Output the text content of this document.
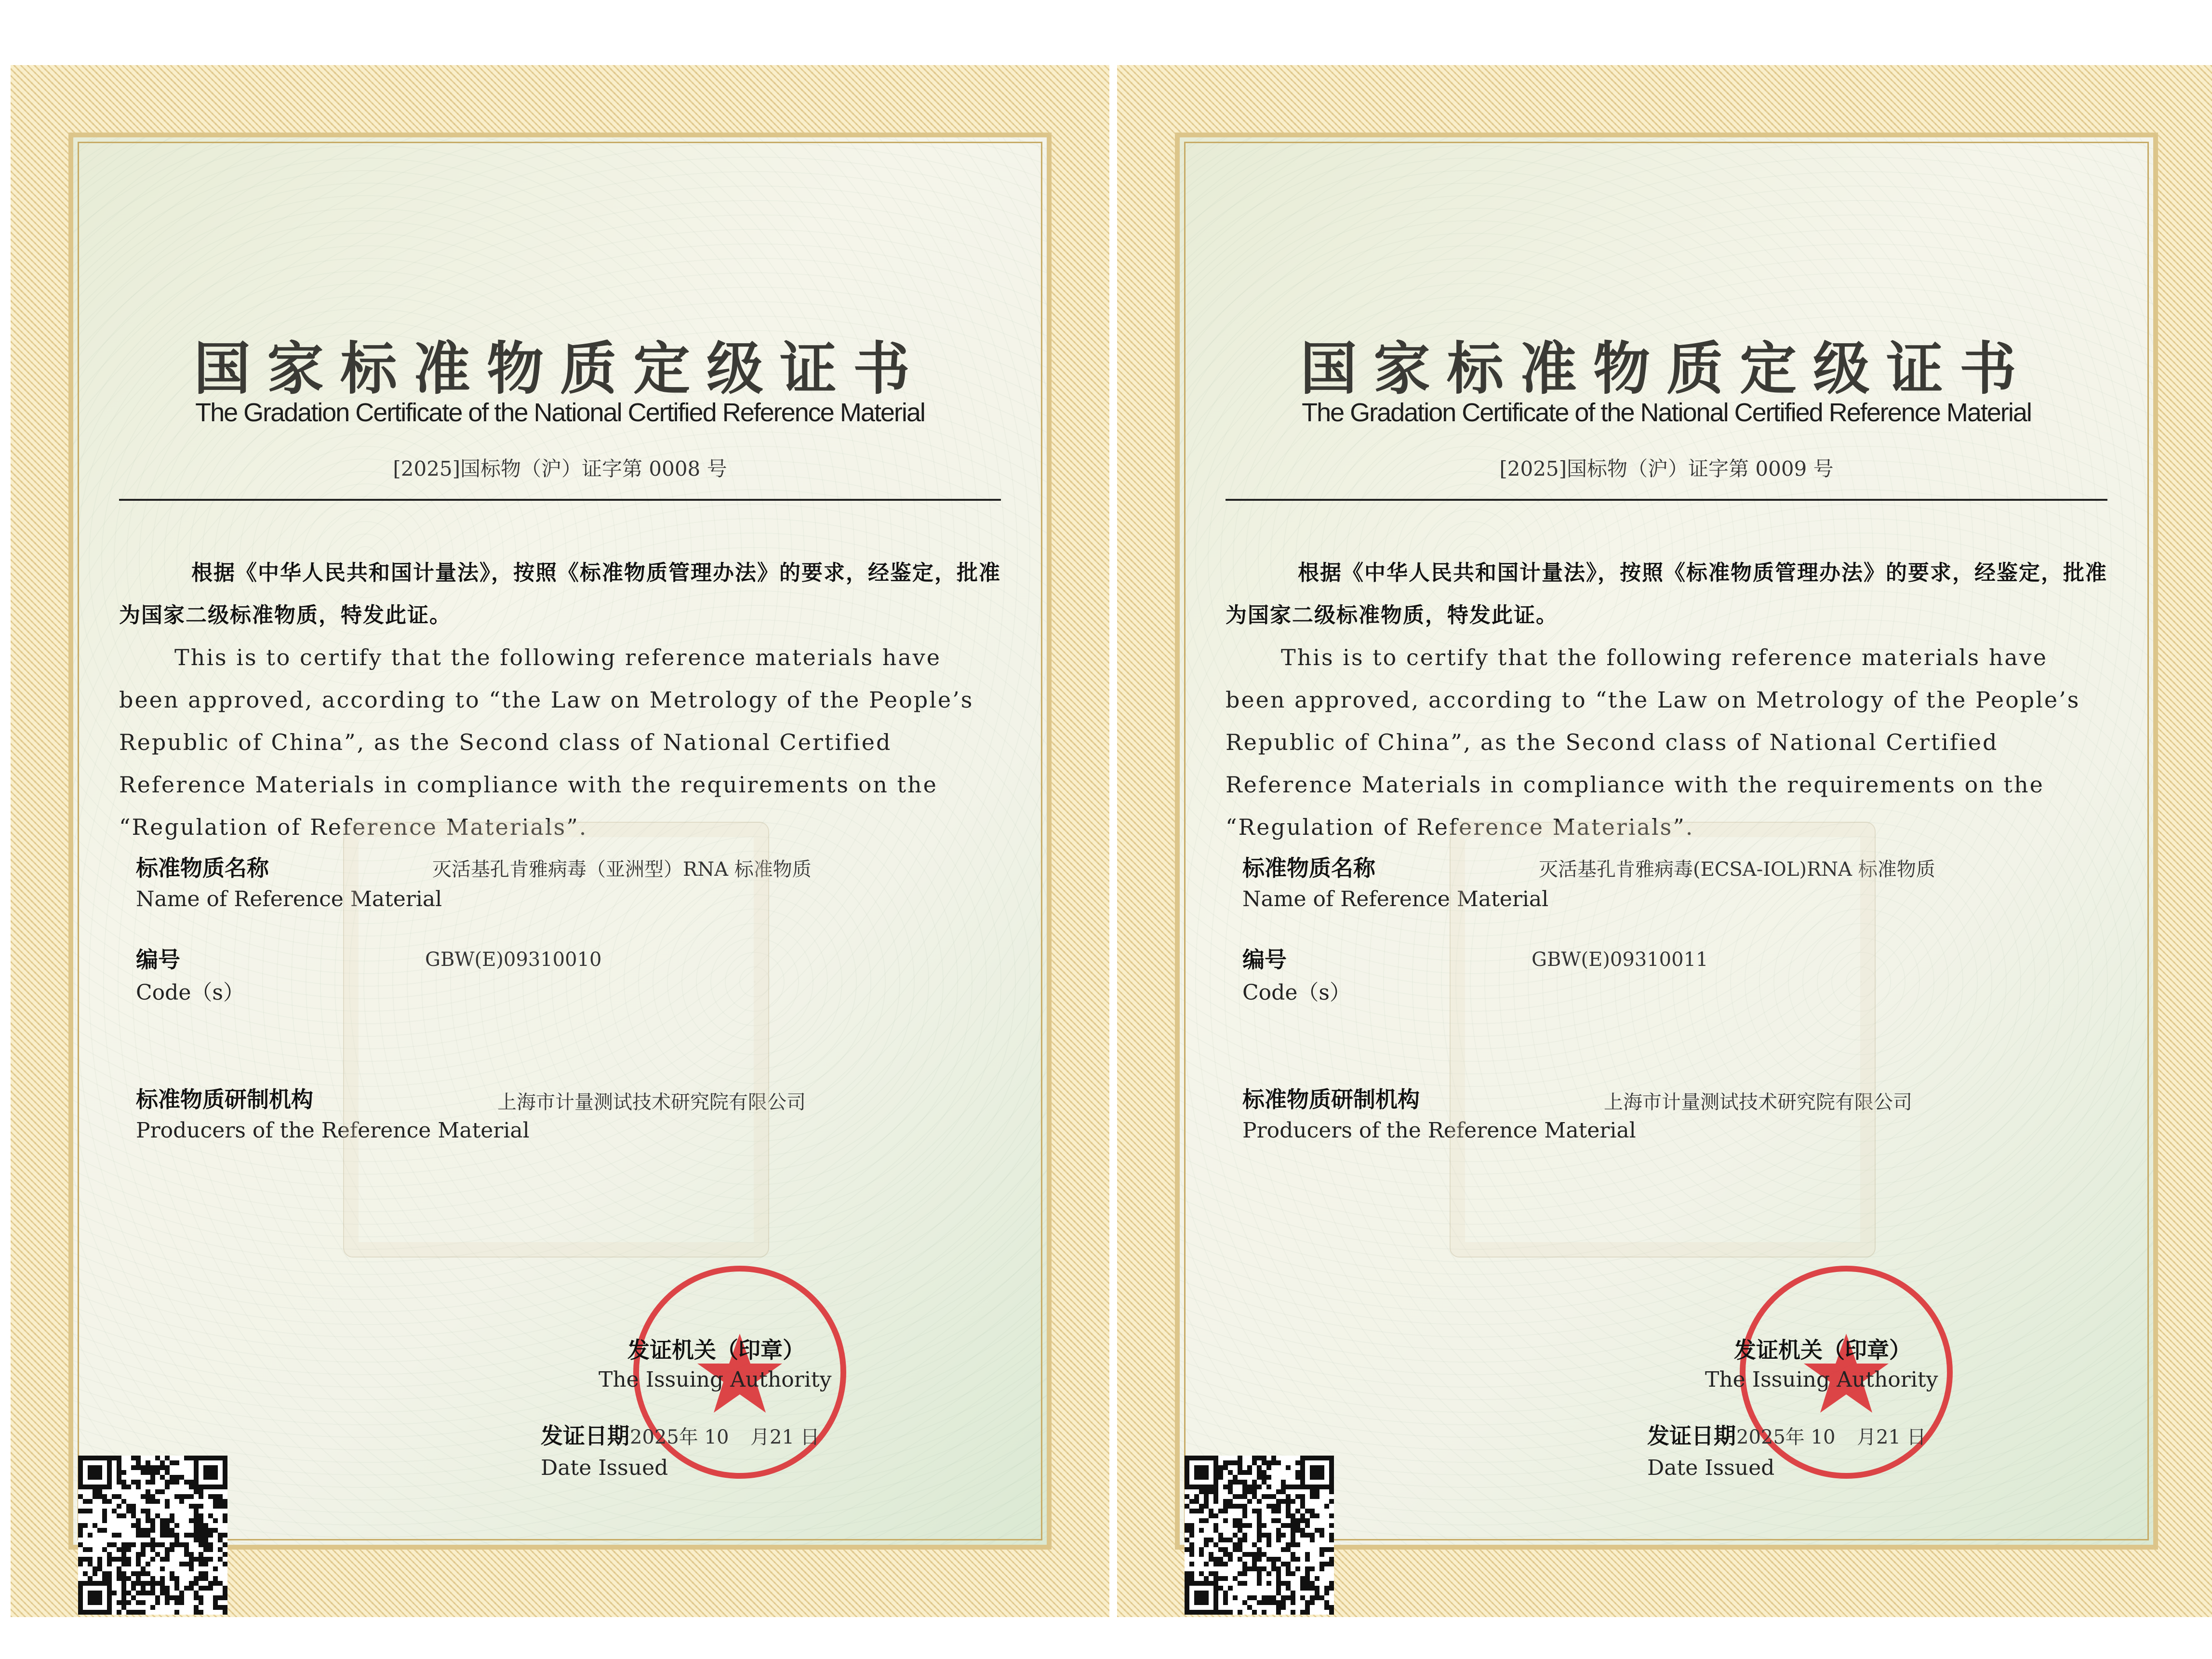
国家标准物质定级证书
The Gradation Certificate of the National Certified Reference Material
[2025]国标物（沪）证字第 0008 号
根据《中华人民共和国计量法》，按照《标准物质管理办法》的要求，经鉴定，批准为国家二级标准物质，特发此证。
This is to certify that the following reference materials have been approved, according to “the Law on Metrology of the People’s Republic of China”, as the Second class of National Certified Reference Materials in compliance with the requirements on the “Regulation of Reference Materials”.
标准物质名称
Name of Reference Material
灭活基孔肯雅病毒（亚洲型）RNA 标准物质
编号
Code（s）
GBW(E)09310010
标准物质研制机构
Producers of the Reference Material
上海市计量测试技术研究院有限公司
发证机关（印章）
The Issuing Authority
发证日期 2025年 10 月21 日
Date Issued
国家标准物质定级证书
The Gradation Certificate of the National Certified Reference Material
[2025]国标物（沪）证字第 0009 号
根据《中华人民共和国计量法》，按照《标准物质管理办法》的要求，经鉴定，批准为国家二级标准物质，特发此证。
This is to certify that the following reference materials have been approved, according to “the Law on Metrology of the People’s Republic of China”, as the Second class of National Certified Reference Materials in compliance with the requirements on the “Regulation of Reference Materials”.
标准物质名称
Name of Reference Material
灭活基孔肯雅病毒(ECSA-IOL)RNA 标准物质
编号
Code（s）
GBW(E)09310011
标准物质研制机构
Producers of the Reference Material
上海市计量测试技术研究院有限公司
发证机关（印章）
The Issuing Authority
发证日期 2025年 10 月21 日
Date Issued
